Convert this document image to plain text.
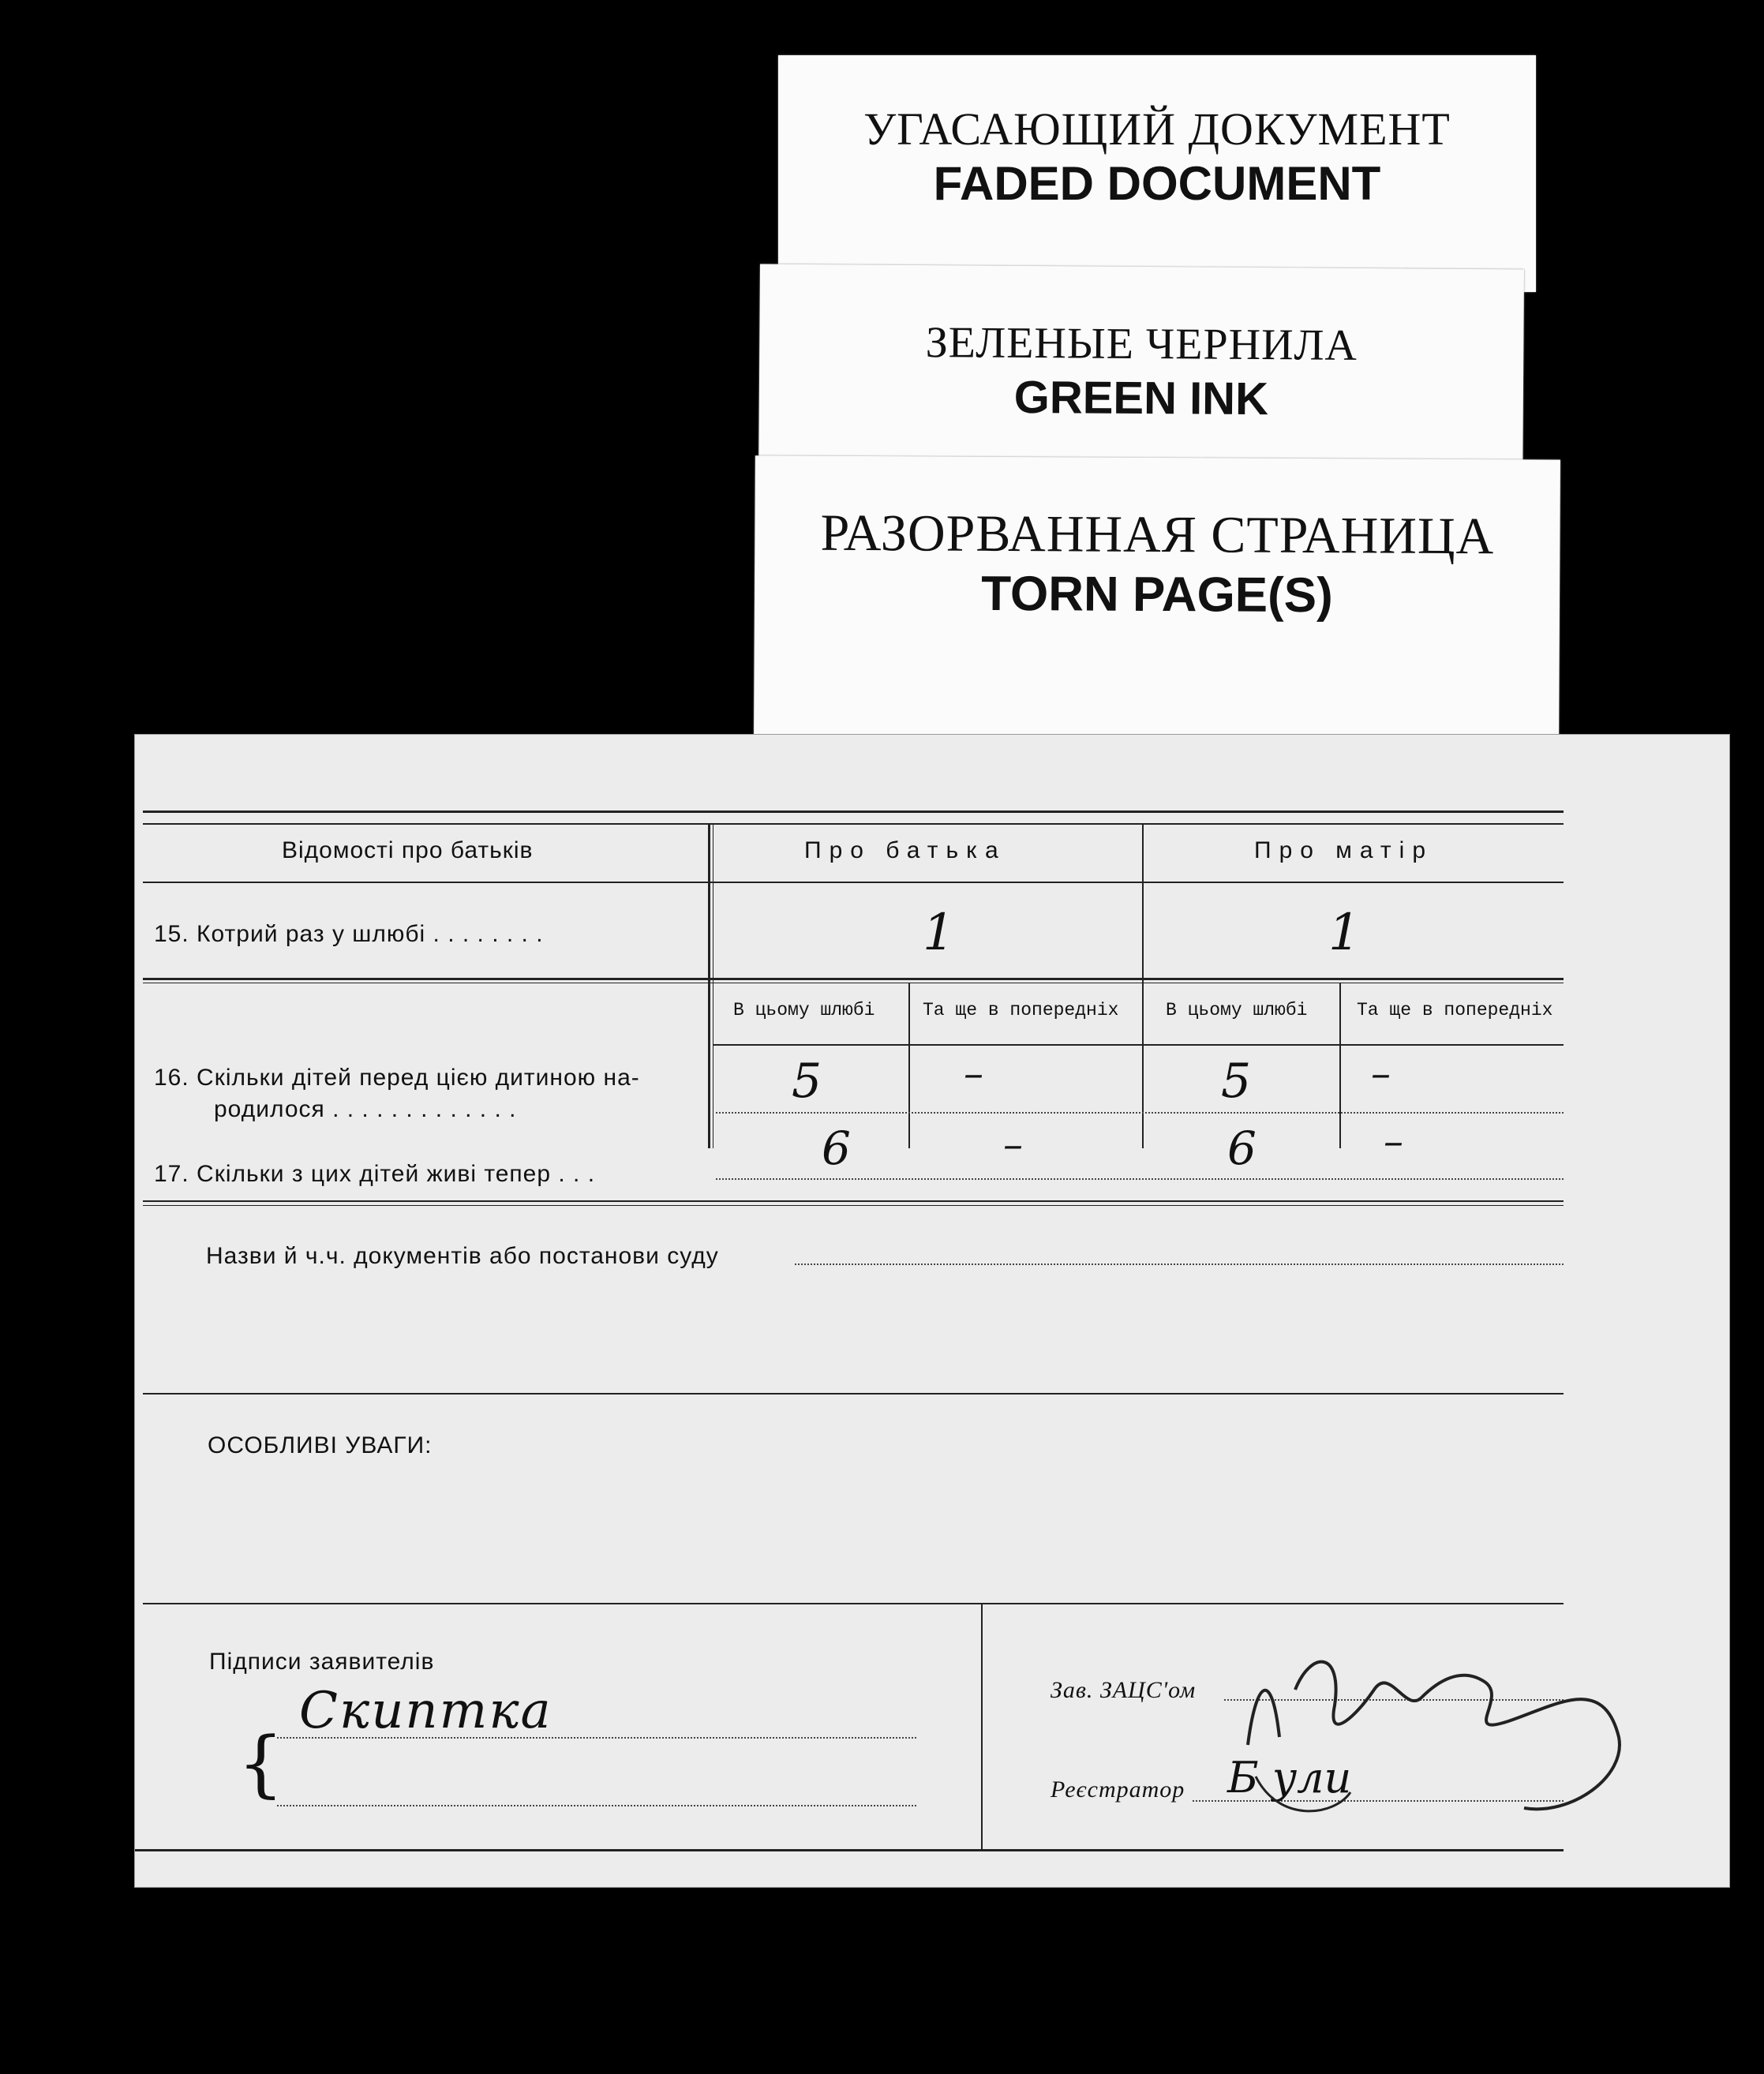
УГАСАЮЩИЙ ДОКУМЕНТ
FADED DOCUMENT
ЗЕЛЕНЫЕ ЧЕРНИЛА
GREEN INK
РАЗОРВАННАЯ СТРАНИЦА
TORN PAGE(S)
Відомості про батьків	Про батька	Про матір
15. Котрий раз у шлюбі . . . . . . . .	1	1
В цьому шлюбі	Та ще в попередніх	В цьому шлюбі	Та ще в попередніх
16. Скільки дітей перед цією дитиною на-
родилося . . . . . . . . . . . . .
5	–	5	–
17. Скільки з цих дітей живі тепер . . .	6	–	6	–
Назви й ч.ч. документів або постанови суду
ОСОБЛИВІ УВАГИ:
Підписи заявителів
Скиптка
{
Зав. ЗАЦС'ом
Реєстратор Б ули
